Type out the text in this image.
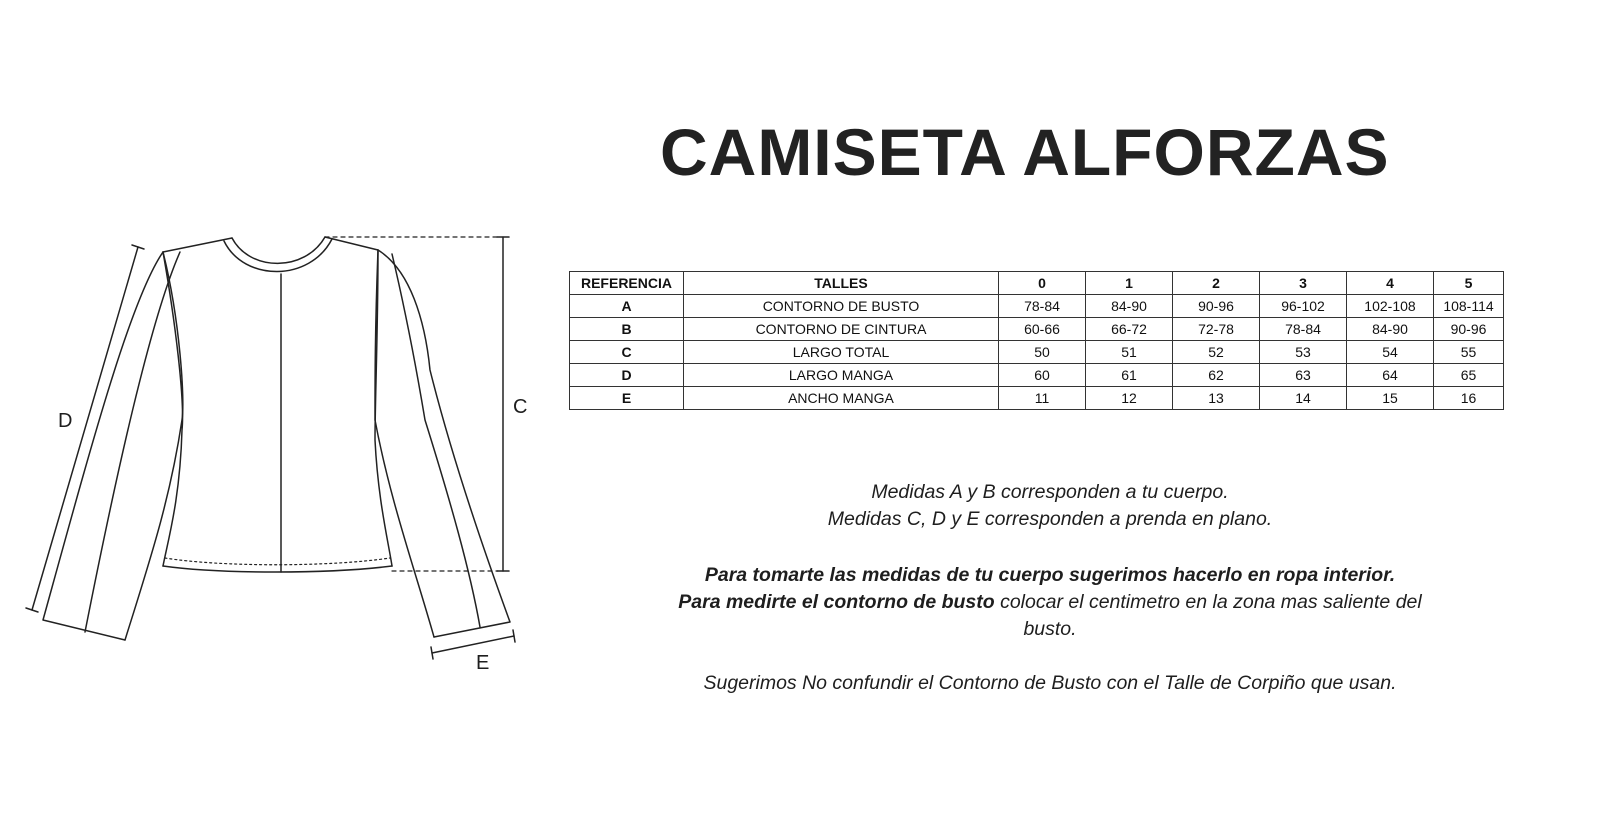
D
C
E
CAMISETA ALFORZAS
REFERENCIA	TALLES	0	1	2	3	4	5
A	CONTORNO DE BUSTO	78-84	84-90	90-96	96-102	102-108	108-114
B	CONTORNO DE CINTURA	60-66	66-72	72-78	78-84	84-90	90-96
C	LARGO TOTAL	50	51	52	53	54	55
D	LARGO MANGA	60	61	62	63	64	65
E	ANCHO MANGA	11	12	13	14	15	16

Medidas A y B corresponden a tu cuerpo.

Medidas C, D y E corresponden a prenda en plano.

Para tomarte las medidas de tu cuerpo sugerimos hacerlo en ropa interior.

Para medirte el contorno de busto colocar el centimetro en la zona mas saliente del busto.

Sugerimos No confundir el Contorno de Busto con el Talle de Corpiño que usan.
